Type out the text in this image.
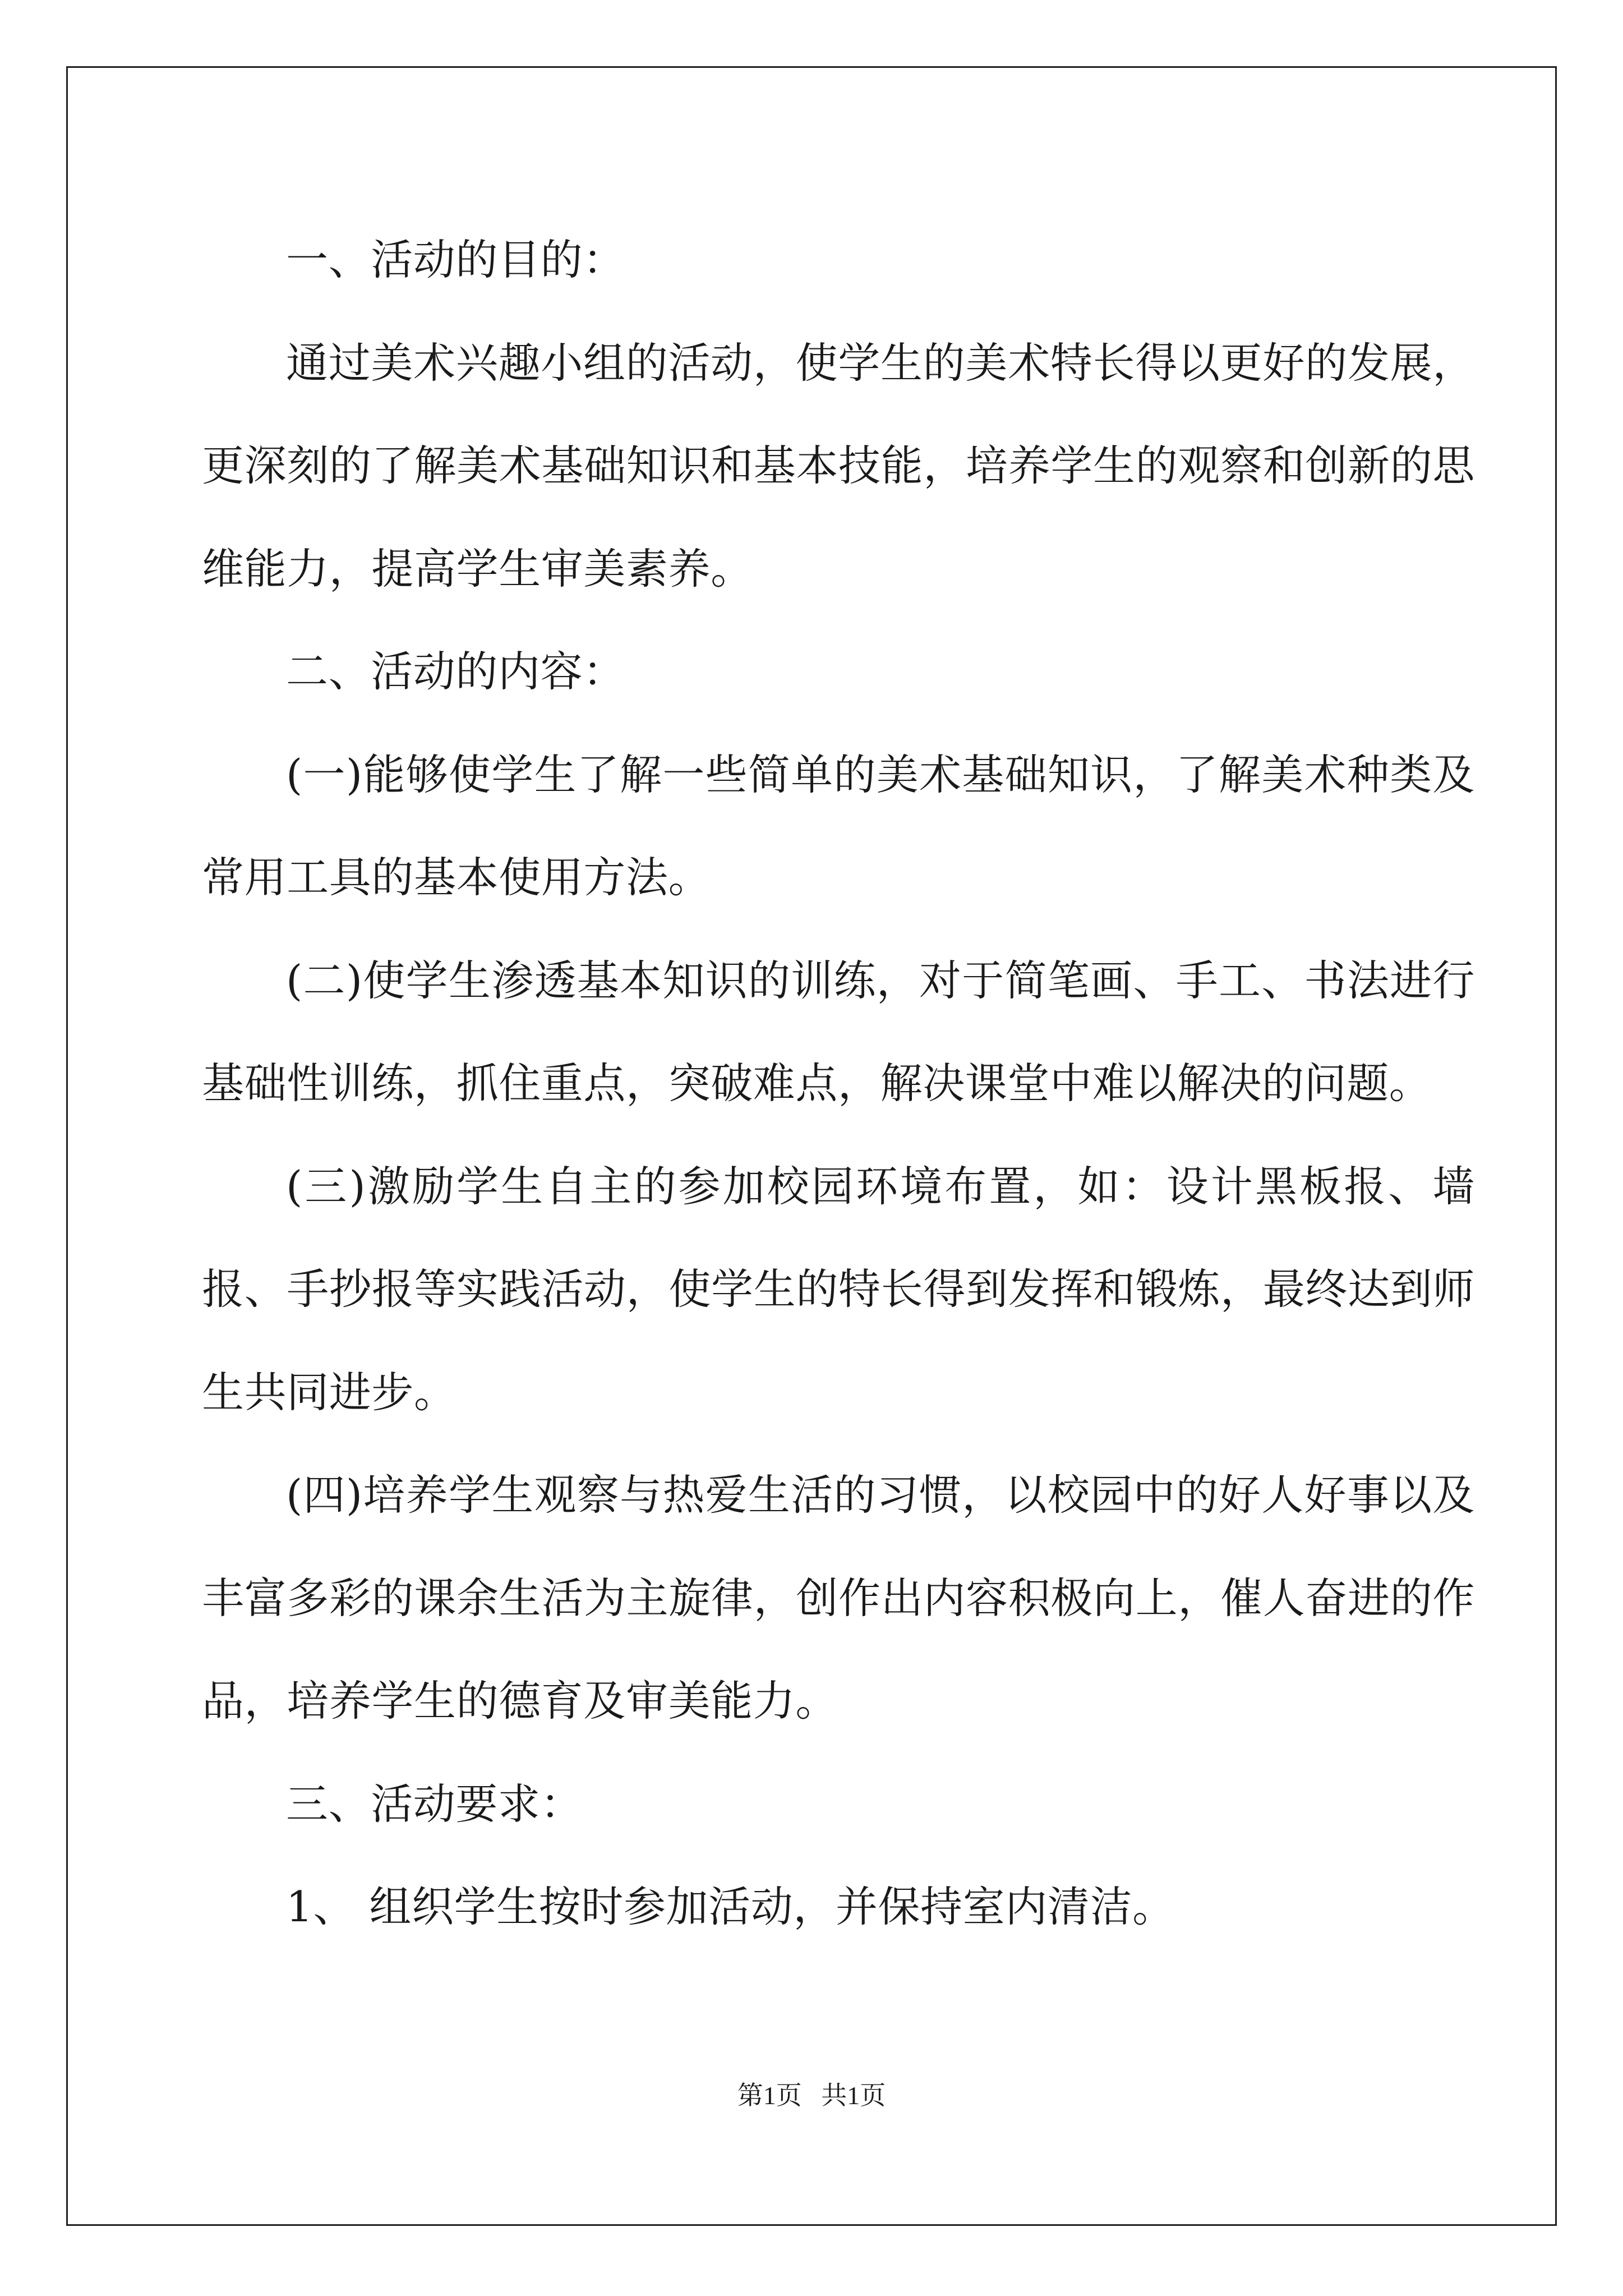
一、活动的目的：

通过美术兴趣小组的活动，使学生的美术特长得以更好的发展，更深刻的了解美术基础知识和基本技能，培养学生的观察和创新的思维能力，提高学生审美素养。

二、活动的内容：

(一)能够使学生了解一些简单的美术基础知识，了解美术种类及常用工具的基本使用方法。

(二)使学生渗透基本知识的训练，对于简笔画、手工、书法进行基础性训练，抓住重点，突破难点，解决课堂中难以解决的问题。

(三)激励学生自主的参加校园环境布置，如：设计黑板报、墙报、手抄报等实践活动，使学生的特长得到发挥和锻炼，最终达到师生共同进步。

(四)培养学生观察与热爱生活的习惯，以校园中的好人好事以及丰富多彩的课余生活为主旋律，创作出内容积极向上，催人奋进的作品，培养学生的德育及审美能力。

三、活动要求：

1、 组织学生按时参加活动，并保持室内清洁。

第1页   共1页
